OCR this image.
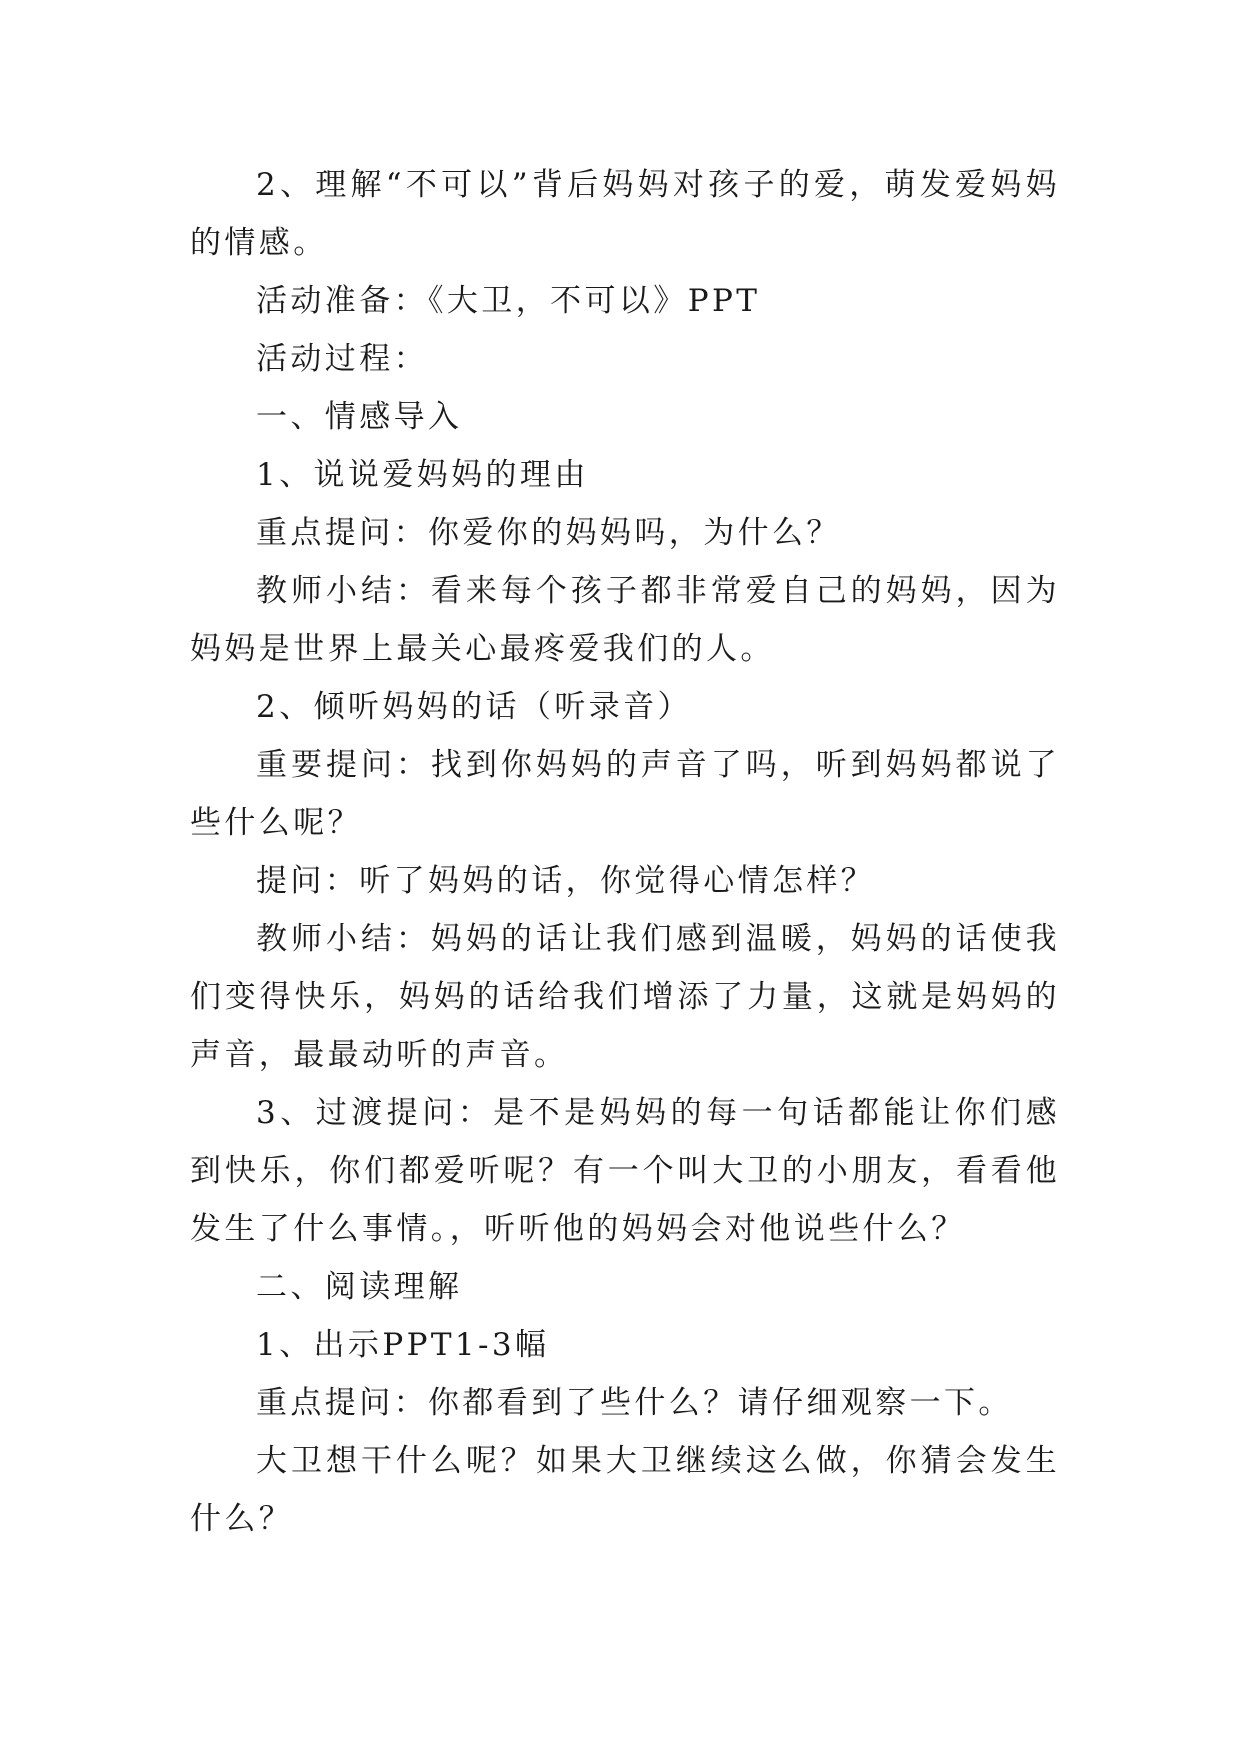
2、理解“不可以”背后妈妈对孩子的爱，萌发爱妈妈的情感。

活动准备：《大卫，不可以》PPT

活动过程：

一、情感导入

1、说说爱妈妈的理由

重点提问：你爱你的妈妈吗，为什么？

教师小结：看来每个孩子都非常爱自己的妈妈，因为妈妈是世界上最关心最疼爱我们的人。

2、倾听妈妈的话（听录音）

重要提问：找到你妈妈的声音了吗，听到妈妈都说了些什么呢？

提问：听了妈妈的话，你觉得心情怎样？

教师小结：妈妈的话让我们感到温暖，妈妈的话使我们变得快乐，妈妈的话给我们增添了力量，这就是妈妈的声音，最最动听的声音。

3、过渡提问：是不是妈妈的每一句话都能让你们感到快乐，你们都爱听呢？有一个叫大卫的小朋友，看看他发生了什么事情。，听听他的妈妈会对他说些什么？

二、阅读理解

1、出示PPT1-3幅

重点提问：你都看到了些什么？请仔细观察一下。

大卫想干什么呢？如果大卫继续这么做，你猜会发生什么？
